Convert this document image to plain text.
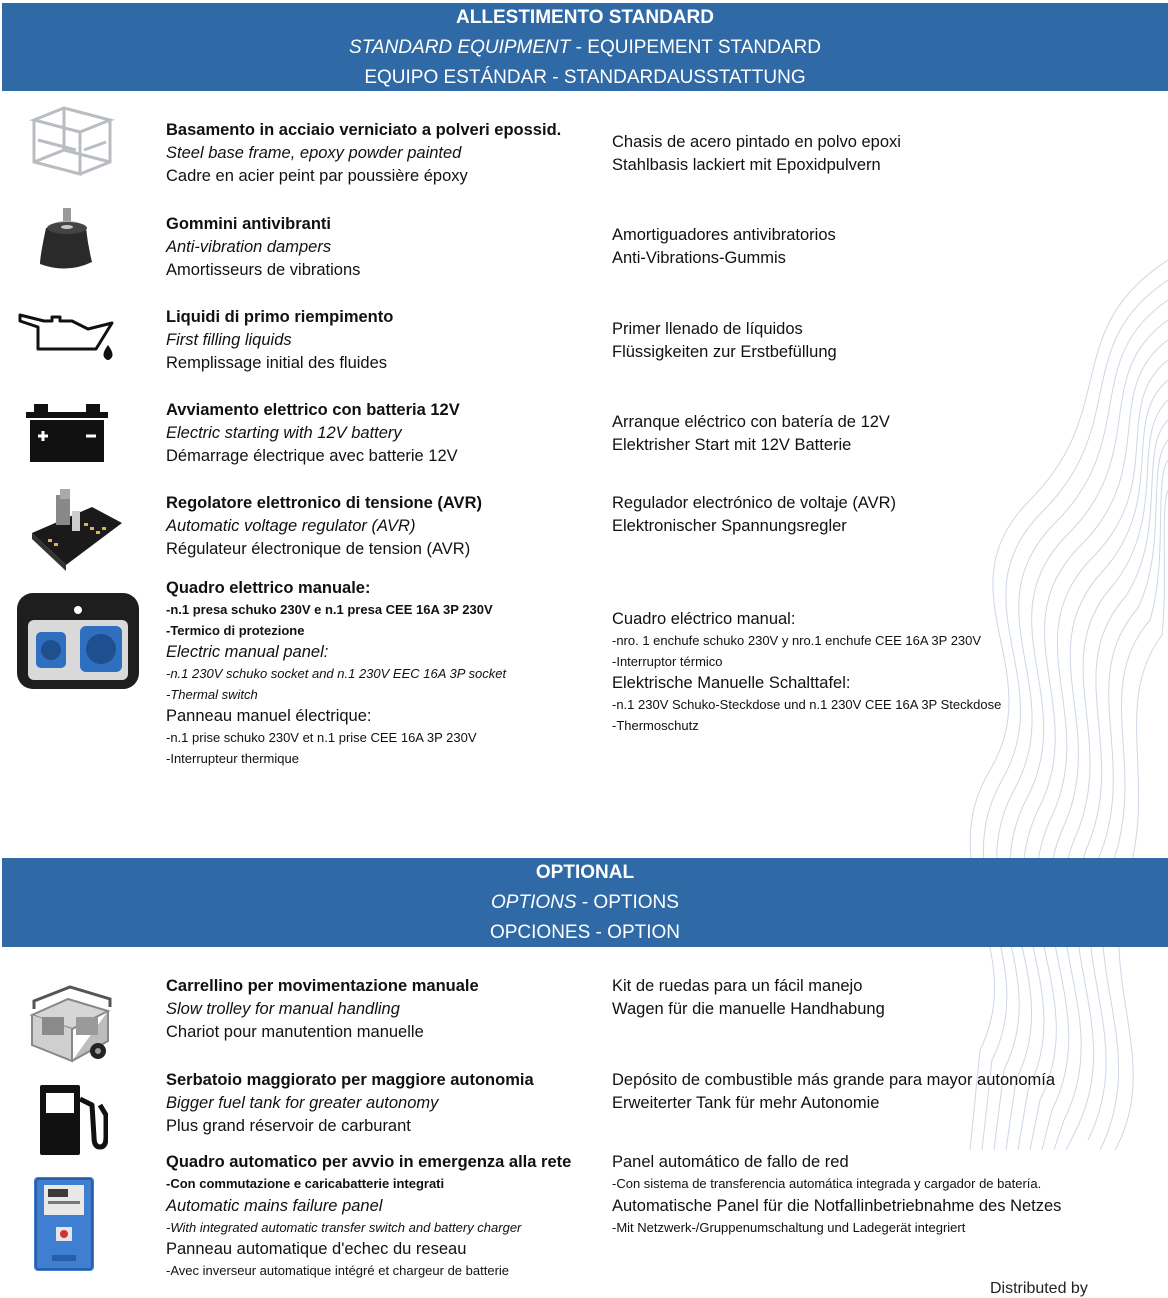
ALLESTIMENTO STANDARD
STANDARD EQUIPMENT - EQUIPEMENT STANDARD
EQUIPO ESTÁNDAR - STANDARDAUSSTATTUNG
Basamento in acciaio verniciato a polveri epossid.
Steel base frame, epoxy powder painted
Cadre en acier peint par poussière époxy
Chasis de acero pintado en polvo epoxi
Stahlbasis lackiert mit Epoxidpulvern
Gommini antivibranti
Anti-vibration dampers
Amortisseurs de vibrations
Amortiguadores antivibratorios
Anti-Vibrations-Gummis
Liquidi di primo riempimento
First filling liquids
Remplissage initial des fluides
Primer llenado de líquidos
Flüssigkeiten zur Erstbefüllung
Avviamento elettrico con batteria 12V
Electric starting with 12V battery
Démarrage électrique avec batterie 12V
Arranque eléctrico con batería de 12V
Elektrisher Start mit 12V Batterie
Regolatore elettronico di tensione (AVR)
Automatic voltage regulator (AVR)
Régulateur électronique de tension (AVR)
Regulador electrónico de voltaje (AVR)
Elektronischer Spannungsregler
Quadro elettrico manuale:
-n.1 presa schuko 230V e n.1 presa CEE 16A 3P 230V
-Termico di protezione
Electric manual panel:
-n.1 230V schuko socket and n.1 230V EEC 16A 3P socket
-Thermal switch
Panneau manuel électrique:
-n.1 prise schuko 230V et n.1 prise CEE 16A 3P 230V
-Interrupteur thermique
Cuadro eléctrico manual:
-nro. 1 enchufe schuko 230V y nro.1 enchufe CEE 16A 3P 230V
-Interruptor térmico
Elektrische Manuelle Schalttafel:
-n.1 230V Schuko-Steckdose und n.1 230V CEE 16A 3P Steckdose
-Thermoschutz
OPTIONAL
OPTIONS - OPTIONS
OPCIONES - OPTION
Carrellino per movimentazione manuale
Slow trolley for manual handling
Chariot pour manutention manuelle
Kit de ruedas para un fácil manejo
Wagen für die manuelle Handhabung
Serbatoio maggiorato per maggiore autonomia
Bigger fuel tank for greater autonomy
Plus grand réservoir de carburant
Depósito de combustible más grande para mayor autonomía
Erweiterter Tank für mehr Autonomie
Quadro automatico per avvio in emergenza alla rete
-Con commutazione e caricabatterie integrati
Automatic mains failure panel
-With integrated automatic transfer switch and battery charger
Panneau automatique d'echec du reseau
-Avec inverseur automatique intégré et chargeur de batterie
Panel automático de fallo de red
-Con sistema de transferencia automática integrada y cargador de batería.
Automatische Panel für die Notfallinbetriebnahme des Netzes
-Mit Netzwerk-/Gruppenumschaltung und Ladegerät integriert
Distributed by
